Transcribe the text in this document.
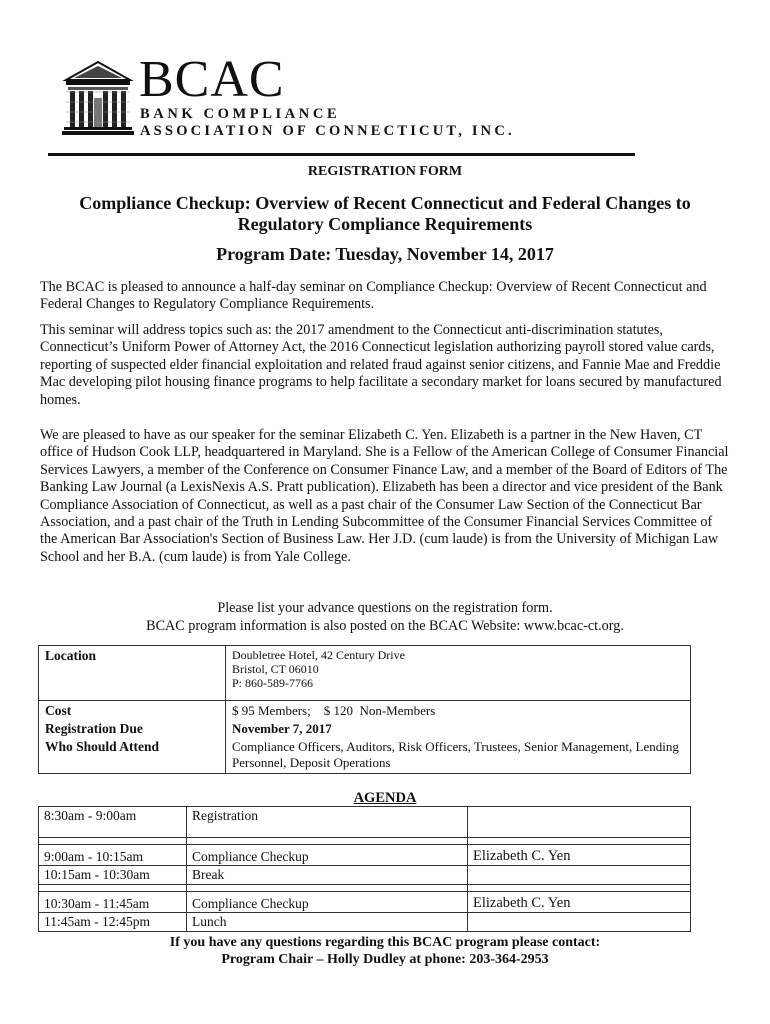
BCAC
BANK COMPLIANCE
ASSOCIATION OF CONNECTICUT, INC.
REGISTRATION FORM
Compliance Checkup: Overview of Recent Connecticut and Federal Changes to Regulatory Compliance Requirements
Program Date: Tuesday, November 14, 2017

The BCAC is pleased to announce a half-day seminar on Compliance Checkup: Overview of Recent Connecticut and Federal Changes to Regulatory Compliance Requirements.

This seminar will address topics such as: the 2017 amendment to the Connecticut anti-discrimination statutes, Connecticut’s Uniform Power of Attorney Act, the 2016 Connecticut legislation authorizing payroll stored value cards, reporting of suspected elder financial exploitation and related fraud against senior citizens, and Fannie Mae and Freddie Mac developing pilot housing finance programs to help facilitate a secondary market for loans secured by manufactured homes.

We are pleased to have as our speaker for the seminar Elizabeth C. Yen. Elizabeth is a partner in the New Haven, CT office of Hudson Cook LLP, headquartered in Maryland. She is a Fellow of the American College of Consumer Financial Services Lawyers, a member of the Conference on Consumer Finance Law, and a member of the Board of Editors of The Banking Law Journal (a LexisNexis A.S. Pratt publication). Elizabeth has been a director and vice president of the Bank Compliance Association of Connecticut, as well as a past chair of the Consumer Law Section of the Connecticut Bar Association, and a past chair of the Truth in Lending Subcommittee of the Consumer Financial Services Committee of the American Bar Association's Section of Business Law. Her J.D. (cum laude) is from the University of Michigan Law School and her B.A. (cum laude) is from Yale College.

Please list your advance questions on the registration form.
BCAC program information is also posted on the BCAC Website: www.bcac-ct.org.
Location	Doubletree Hotel, 42 Century Drive
Bristol, CT 06010
P: 860-589-7766

Cost	$ 95 Members;    $ 120  Non-Members
Registration Due	November 7, 2017
Who Should Attend	Compliance Officers, Auditors, Risk Officers, Trustees, Senior Management, Lending Personnel, Deposit Operations
AGENDA
8:30am - 9:00am	Registration	

9:00am - 10:15am	Compliance Checkup	Elizabeth C. Yen
10:15am - 10:30am	Break	

10:30am - 11:45am	Compliance Checkup	Elizabeth C. Yen
11:45am - 12:45pm	Lunch	
If you have any questions regarding this BCAC program please contact:
Program Chair – Holly Dudley at phone: 203-364-2953
